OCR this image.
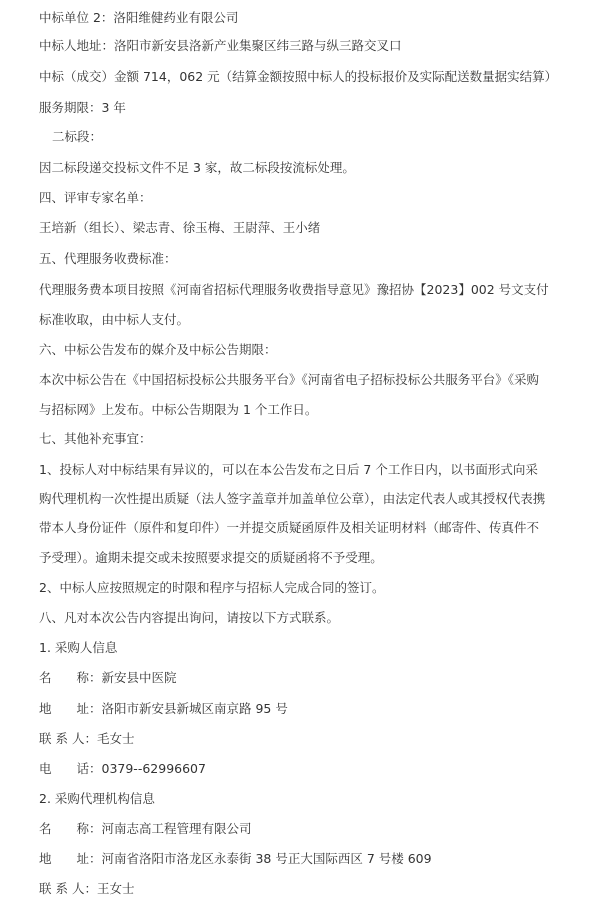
中标单位 2：洛阳维健药业有限公司
中标人地址：洛阳市新安县洛新产业集聚区纬三路与纵三路交叉口
中标（成交）金额 714，062 元（结算金额按照中标人的投标报价及实际配送数量据实结算）
服务期限：3 年
二标段：
因二标段递交投标文件不足 3 家，故二标段按流标处理。
四、评审专家名单：
王培新（组长）、梁志青、徐玉梅、王尉萍、王小绪
五、代理服务收费标准：
代理服务费本项目按照《河南省招标代理服务收费指导意见》豫招协【2023】002 号文支付
标准收取，由中标人支付。
六、中标公告发布的媒介及中标公告期限：
本次中标公告在《中国招标投标公共服务平台》《河南省电子招标投标公共服务平台》《采购
与招标网》上发布。中标公告期限为 1 个工作日。
七、其他补充事宜：
1、投标人对中标结果有异议的，可以在本公告发布之日后 7 个工作日内，以书面形式向采
购代理机构一次性提出质疑（法人签字盖章并加盖单位公章），由法定代表人或其授权代表携
带本人身份证件（原件和复印件）一并提交质疑函原件及相关证明材料（邮寄件、传真件不
予受理）。逾期未提交或未按照要求提交的质疑函将不予受理。
2、中标人应按照规定的时限和程序与招标人完成合同的签订。
八、凡对本次公告内容提出询问，请按以下方式联系。
1. 采购人信息
名　　称：新安县中医院
地　　址：洛阳市新安县新城区南京路 95 号
联 系 人：毛女士
电　　话：0379--62996607
2. 采购代理机构信息
名　　称：河南志高工程管理有限公司
地　　址：河南省洛阳市洛龙区永泰街 38 号正大国际西区 7 号楼 609
联 系 人：王女士
